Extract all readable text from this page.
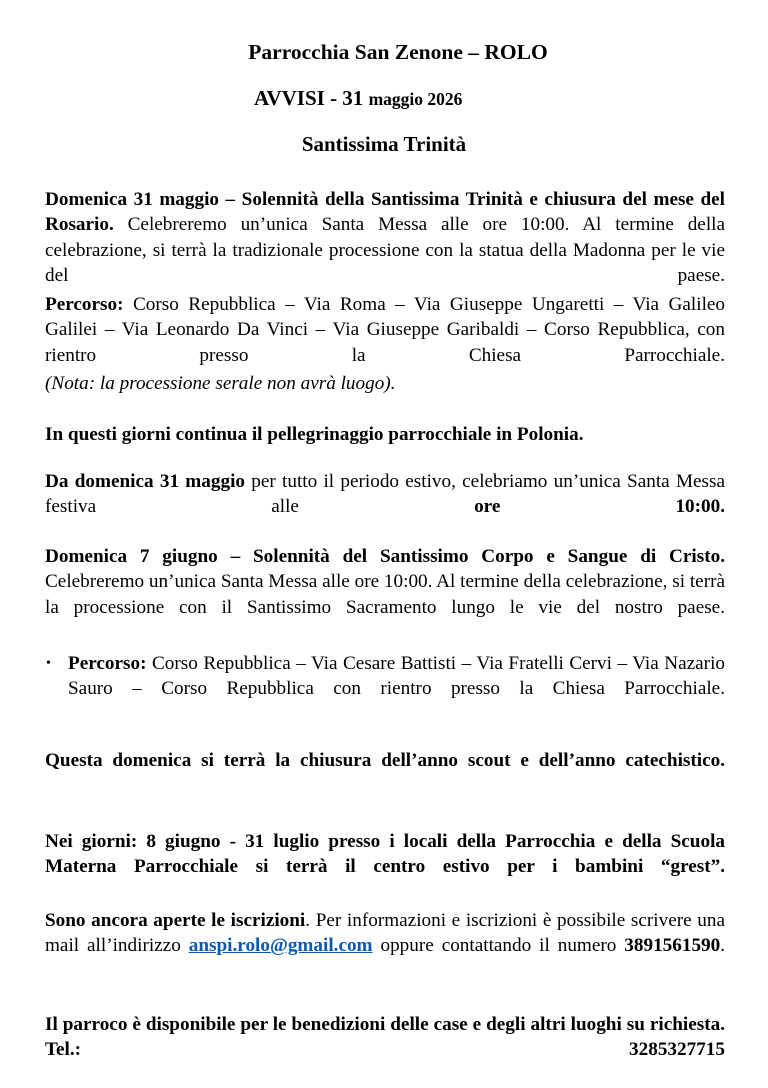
Parrocchia San Zenone – ROLO
AVVISI - 31 maggio 2026
Santissima Trinità
Domenica 31 maggio – Solennità della Santissima Trinità e chiusura del mese del Rosario. Celebreremo un’unica Santa Messa alle ore 10:00. Al termine della celebrazione, si terrà la tradizionale processione con la statua della Madonna per le vie del paese.
Percorso: Corso Repubblica – Via Roma – Via Giuseppe Ungaretti – Via Galileo Galilei – Via Leonardo Da Vinci – Via Giuseppe Garibaldi – Corso Repubblica, con rientro presso la Chiesa Parrocchiale.
(Nota: la processione serale non avrà luogo).
In questi giorni continua il pellegrinaggio parrocchiale in Polonia.
Da domenica 31 maggio per tutto il periodo estivo, celebriamo un’unica Santa Messa festiva alle	ore 10:00.
Domenica 7 giugno – Solennità del Santissimo Corpo e Sangue di Cristo. Celebreremo un’unica Santa Messa alle ore 10:00. Al termine della celebrazione, si terrà la processione con il Santissimo Sacramento lungo le vie del nostro paese.
• Percorso: Corso Repubblica – Via Cesare Battisti – Via Fratelli Cervi – Via Nazario Sauro – Corso Repubblica con rientro presso la Chiesa Parrocchiale.
Questa domenica si terrà la chiusura dell’anno scout e dell’anno catechistico.
Nei giorni: 8 giugno - 31 luglio presso i locali della Parrocchia e della Scuola Materna Parrocchiale si terrà il centro estivo per i bambini “grest”.
Sono ancora aperte le iscrizioni. Per informazioni e iscrizioni è possibile scrivere una mail all’indirizzo anspi.rolo@gmail.com oppure contattando il numero 3891561590.
Il parroco è disponibile per le benedizioni delle case e degli altri luoghi su richiesta. Tel.: 3285327715
